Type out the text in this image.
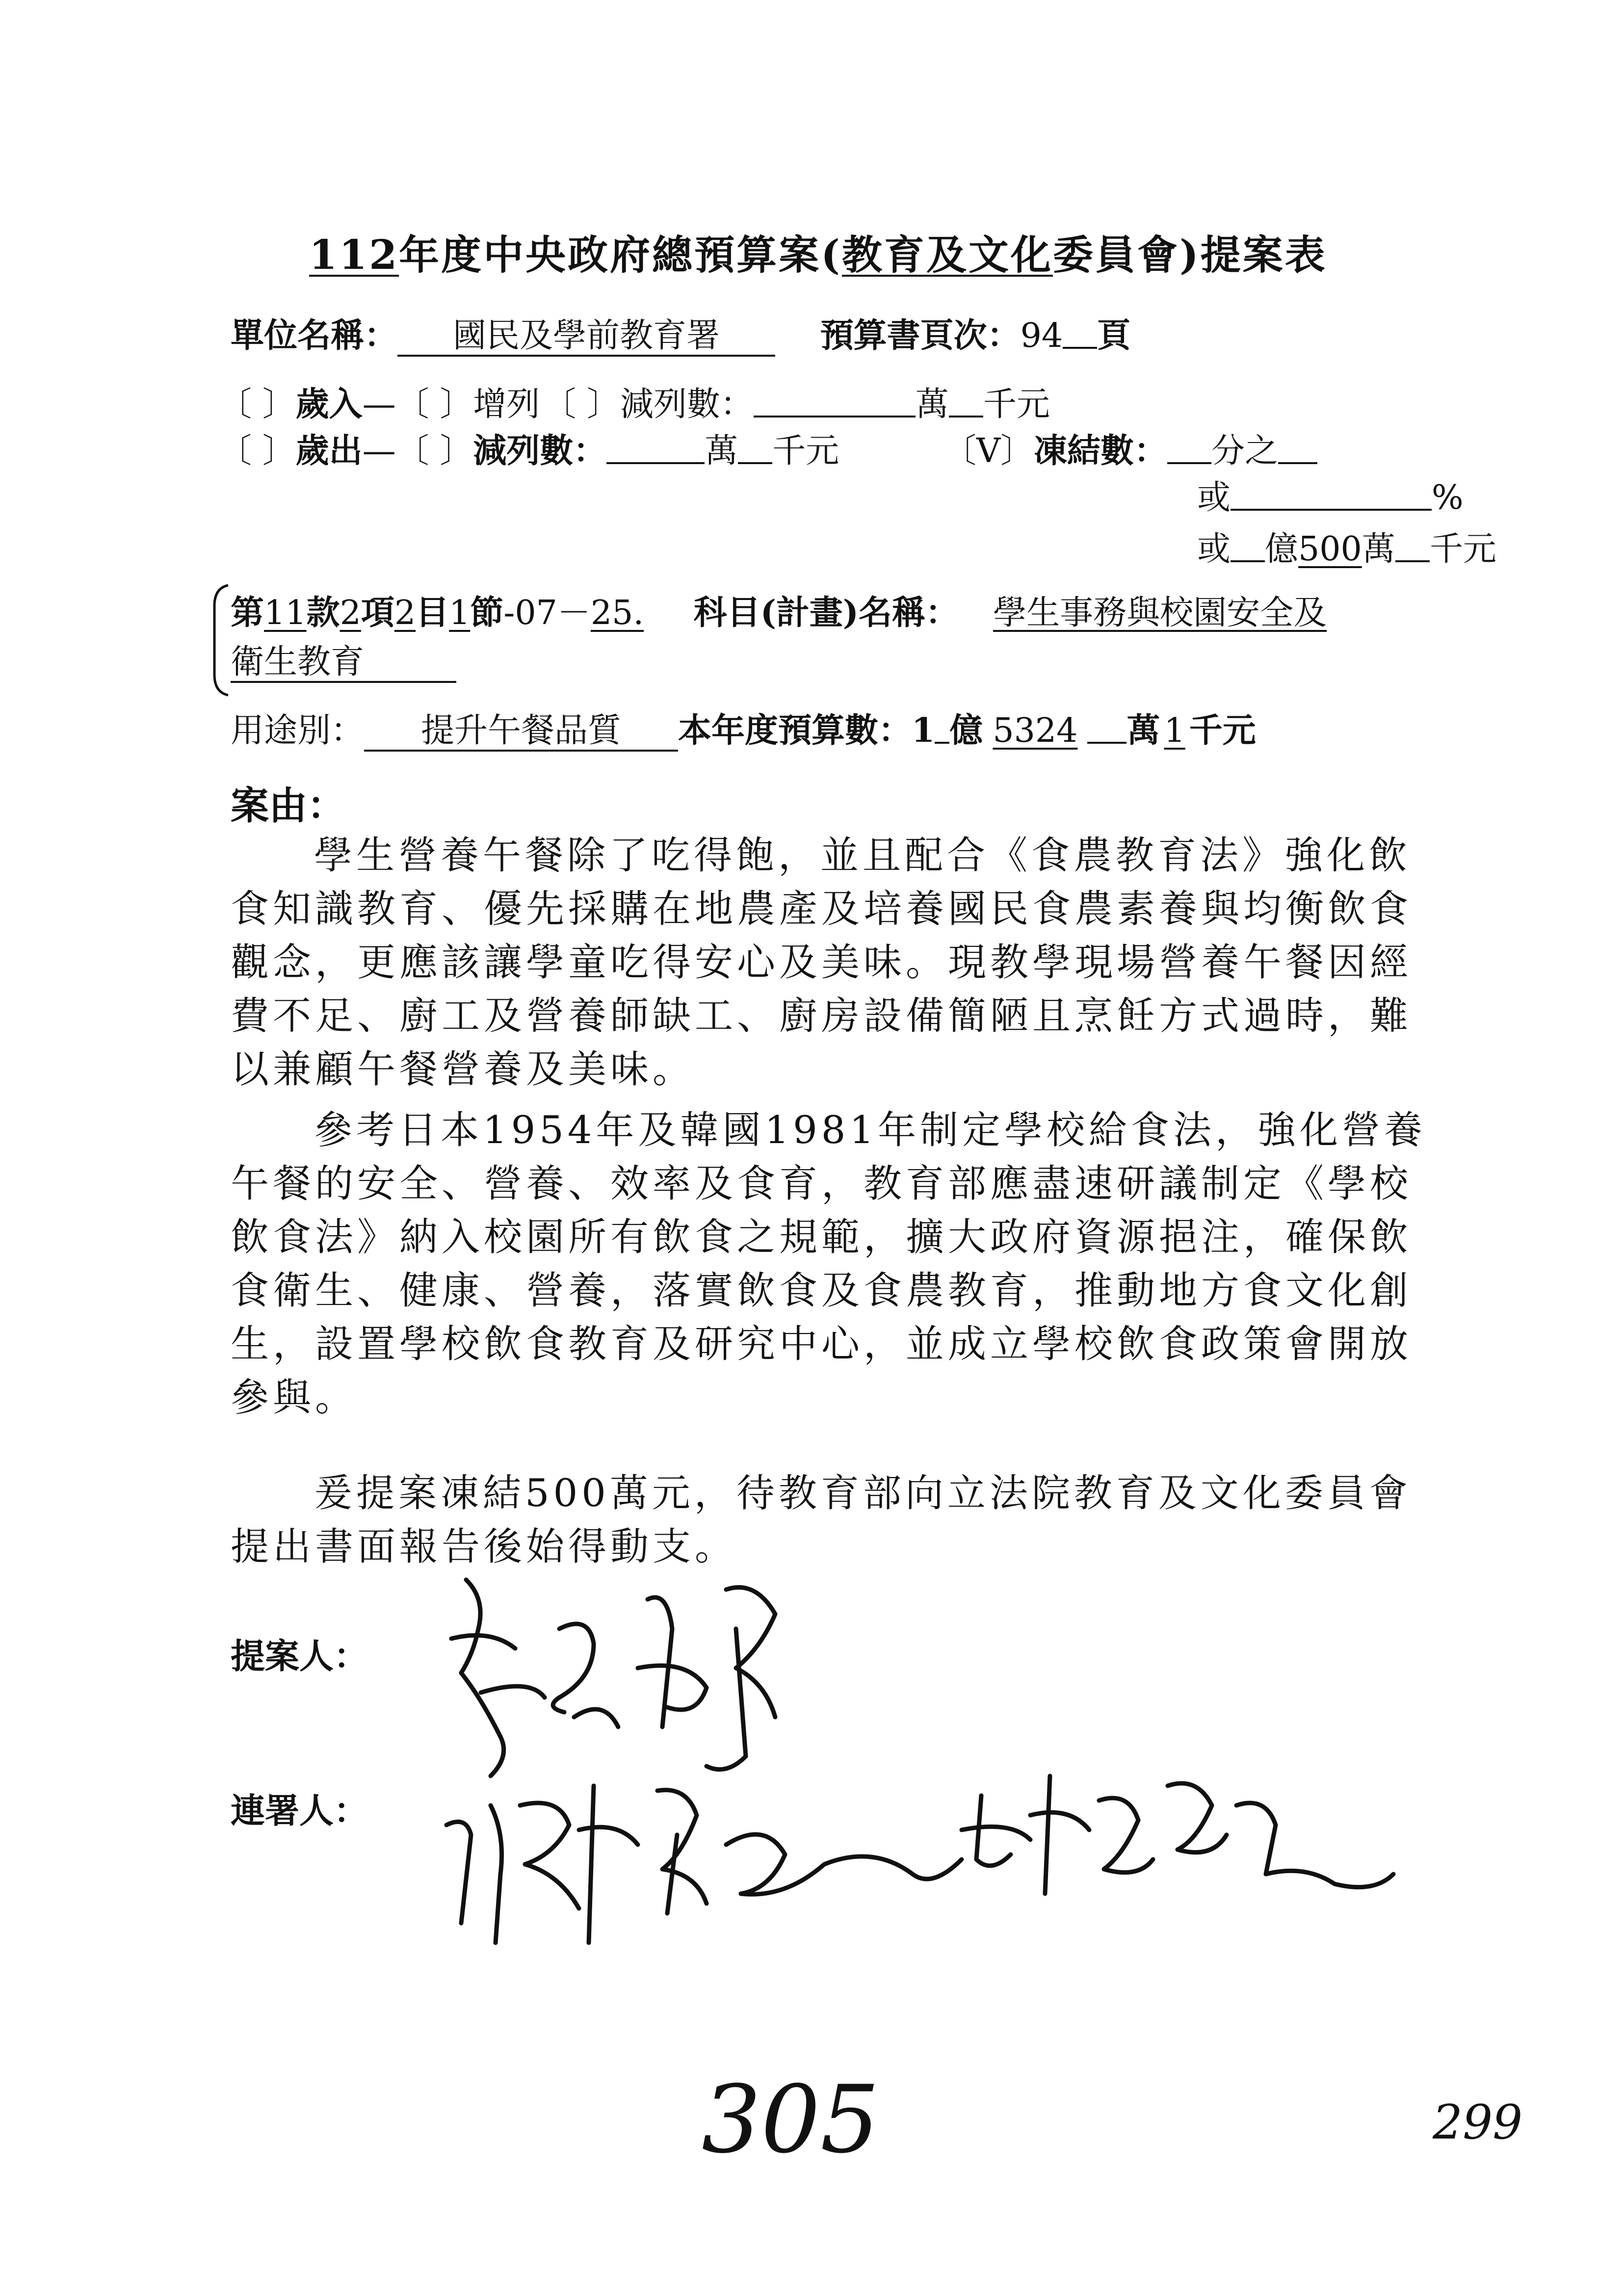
112年度中央政府總預算案(教育及文化委員會)提案表
單位名稱： 國民及學前教育署	預算書頁次：94 頁
〔 〕歲入—〔 〕增列〔 〕減列數：	萬 千元
〔 〕歲出—〔 〕減列數：	萬 千元	〔V〕凍結數： 分之
或	%
或 億500萬 千元
第11款2項2目1節-07－25. 科目(計畫)名稱： 學生事務與校園安全及
衛生教育
用途別： 提升午餐品質 本年度預算數：1 億 5324 萬 1 千元
案由：
學生營養午餐除了吃得飽，並且配合《食農教育法》強化飲食知識教育、優先採購在地農產及培養國民食農素養與均衡飲食觀念，更應該讓學童吃得安心及美味。現教學現場營養午餐因經費不足、廚工及營養師缺工、廚房設備簡陋且烹飪方式過時，難以兼顧午餐營養及美味。
參考日本1954年及韓國1981年制定學校給食法，強化營養午餐的安全、營養、效率及食育，教育部應盡速研議制定《學校飲食法》納入校園所有飲食之規範，擴大政府資源挹注，確保飲食衛生、健康、營養，落實飲食及食農教育，推動地方食文化創生，設置學校飲食教育及研究中心，並成立學校飲食政策會開放參與。
爰提案凍結500萬元，待教育部向立法院教育及文化委員會提出書面報告後始得動支。
提案人：
連署人：
305	299
